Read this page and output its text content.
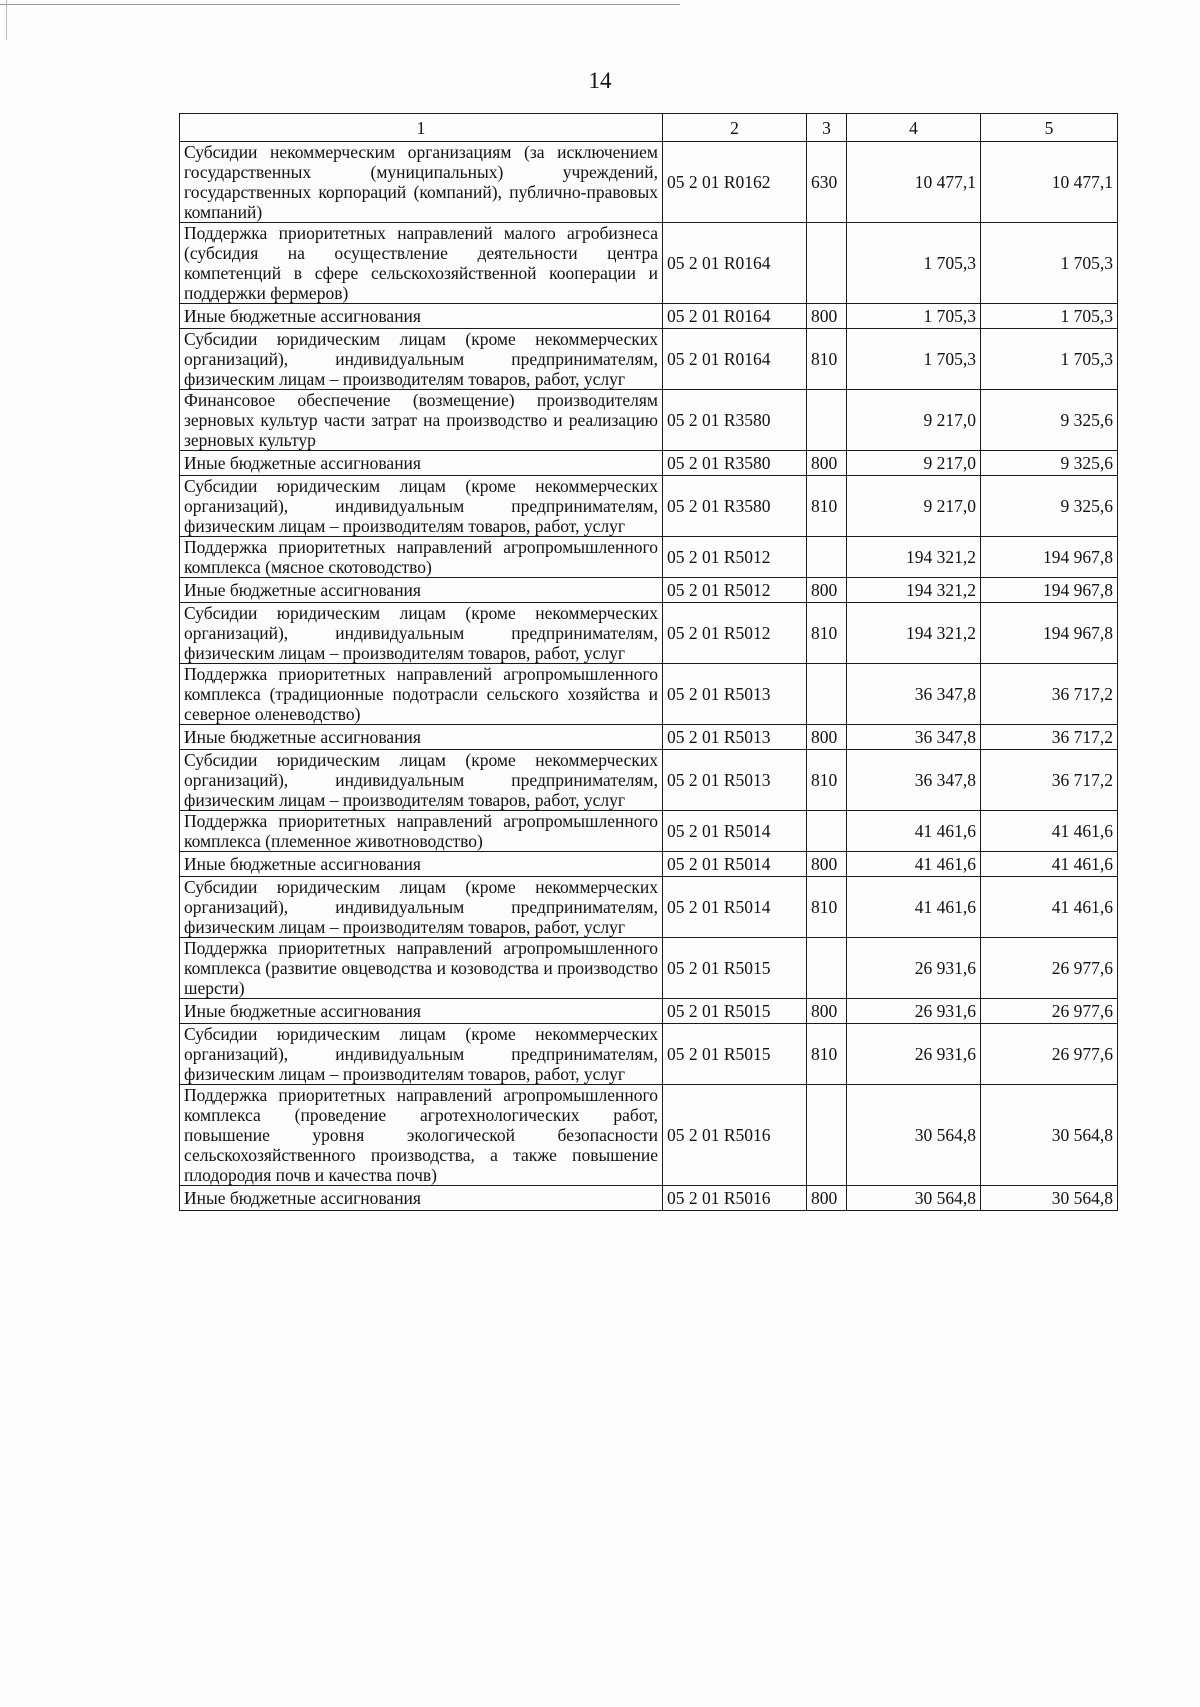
14
1	2	3	4	5
Субсидии некоммерческим организациям (за исключением государственных (муниципальных) учреждений, государственных корпораций (компаний), публично-правовых компаний)	05 2 01 R0162	630	10 477,1	10 477,1
Поддержка приоритетных направлений малого агробизнеса (субсидия на осуществление деятельности центра компетенций в сфере сельскохозяйственной кооперации и поддержки фермеров)	05 2 01 R0164		1 705,3	1 705,3
Иные бюджетные ассигнования	05 2 01 R0164	800	1 705,3	1 705,3
Субсидии юридическим лицам (кроме некоммерческих организаций), индивидуальным предпринимателям, физическим лицам – производителям товаров, работ, услуг	05 2 01 R0164	810	1 705,3	1 705,3
Финансовое обеспечение (возмещение) производителям зерновых культур части затрат на производство и реализацию зерновых культур	05 2 01 R3580		9 217,0	9 325,6
Иные бюджетные ассигнования	05 2 01 R3580	800	9 217,0	9 325,6
Субсидии юридическим лицам (кроме некоммерческих организаций), индивидуальным предпринимателям, физическим лицам – производителям товаров, работ, услуг	05 2 01 R3580	810	9 217,0	9 325,6
Поддержка приоритетных направлений агропромышленного комплекса (мясное скотоводство)	05 2 01 R5012		194 321,2	194 967,8
Иные бюджетные ассигнования	05 2 01 R5012	800	194 321,2	194 967,8
Субсидии юридическим лицам (кроме некоммерческих организаций), индивидуальным предпринимателям, физическим лицам – производителям товаров, работ, услуг	05 2 01 R5012	810	194 321,2	194 967,8
Поддержка приоритетных направлений агропромышленного комплекса (традиционные подотрасли сельского хозяйства и северное оленеводство)	05 2 01 R5013		36 347,8	36 717,2
Иные бюджетные ассигнования	05 2 01 R5013	800	36 347,8	36 717,2
Субсидии юридическим лицам (кроме некоммерческих организаций), индивидуальным предпринимателям, физическим лицам – производителям товаров, работ, услуг	05 2 01 R5013	810	36 347,8	36 717,2
Поддержка приоритетных направлений агропромышленного комплекса (племенное животноводство)	05 2 01 R5014		41 461,6	41 461,6
Иные бюджетные ассигнования	05 2 01 R5014	800	41 461,6	41 461,6
Субсидии юридическим лицам (кроме некоммерческих организаций), индивидуальным предпринимателям, физическим лицам – производителям товаров, работ, услуг	05 2 01 R5014	810	41 461,6	41 461,6
Поддержка приоритетных направлений агропромышленного комплекса (развитие овцеводства и козоводства и производство шерсти)	05 2 01 R5015		26 931,6	26 977,6
Иные бюджетные ассигнования	05 2 01 R5015	800	26 931,6	26 977,6
Субсидии юридическим лицам (кроме некоммерческих организаций), индивидуальным предпринимателям, физическим лицам – производителям товаров, работ, услуг	05 2 01 R5015	810	26 931,6	26 977,6
Поддержка приоритетных направлений агропромышленного комплекса (проведение агротехнологических работ, повышение уровня экологической безопасности сельскохозяйственного производства, а также повышение плодородия почв и качества почв)	05 2 01 R5016		30 564,8	30 564,8
Иные бюджетные ассигнования	05 2 01 R5016	800	30 564,8	30 564,8
